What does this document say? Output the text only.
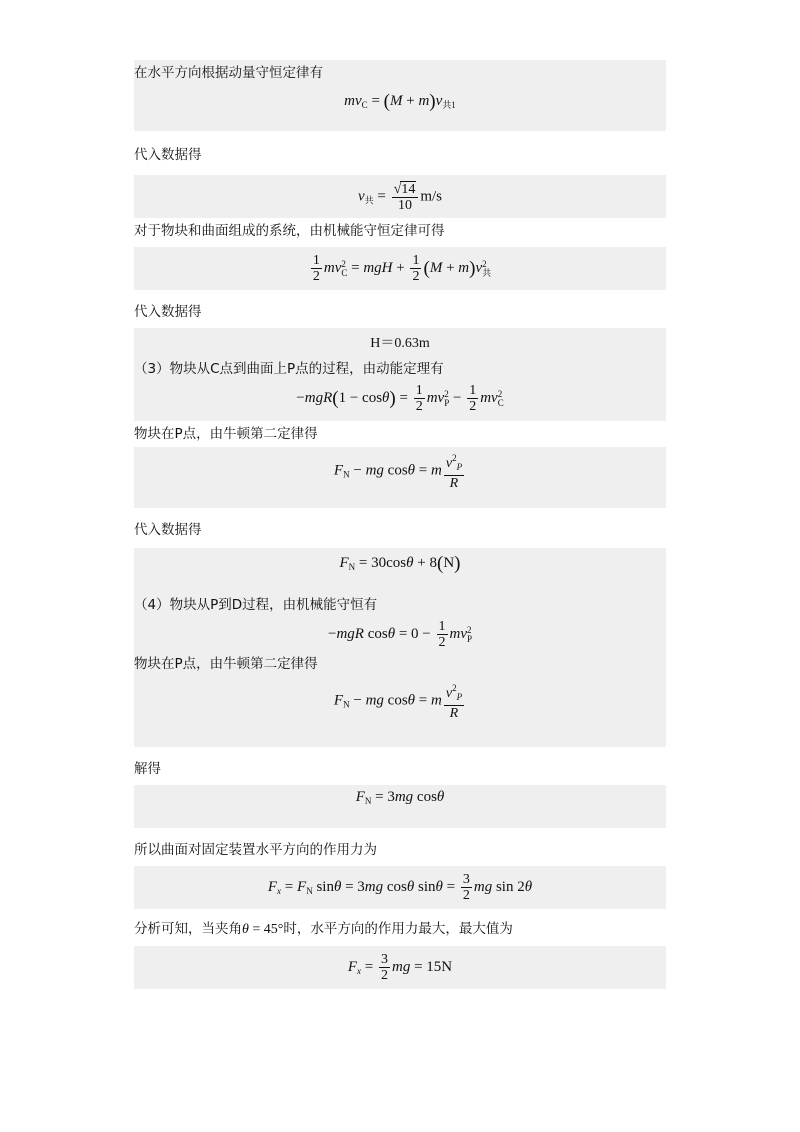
在水平方向根据动量守恒定律有
$mv_C = (M + m)v_{共1}$
代入数据得
$v_共 = \frac{√14}{10} m/s$
对于物块和曲面组成的系统，由机械能守恒定律可得
$\frac{1}{2}$ mv 2
C = mgH + $\frac{1}{2} (M + m)v$ 2
共
代入数据得
H＝0.63m
（3）物块从C点到曲面上P点的过程，由动能定理有
$-mgR(1 - \cos\theta) = \frac{1}{2}$ mv 2
$P - \frac{1}{2}$ mv 2
C
物块在P点，由牛顿第二定律得
$F_N$ − mg cosθ = m $\frac{v^2_P}{R}$
代入数据得
$F_N = 30\cos\theta + 8(N)$
（4）物块从P到D过程，由机械能守恒有
−mgR $\cos\theta = 0 - \frac{1}{2}$ mv 2
P
物块在P点，由牛顿第二定律得
$F_N$ − mg cosθ = m $\frac{v^2_P}{R}$
解得
$F_N = 3mg$ cosθ
所以曲面对固定装置水平方向的作用力为
$F_x = F_N$ sinθ = 3mg cosθ $\sin\theta = \frac{3}{2}$ mg sin 2θ
分析可知，当夹角θ = 45°时，水平方向的作用力最大，最大值为
$F_x = \frac{3}{2}$ mg = 15N
